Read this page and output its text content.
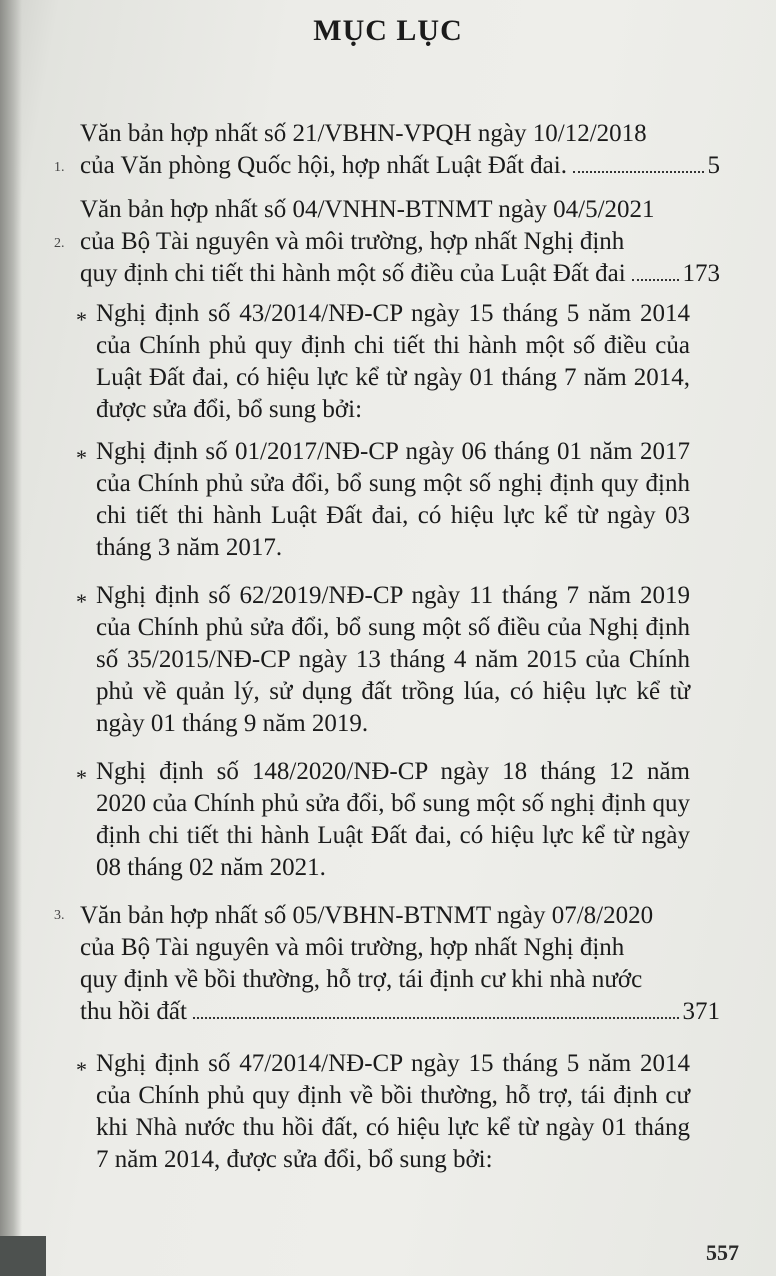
MỤC LỤC
1.
Văn bản hợp nhất số 21/VBHN-VPQH ngày 10/12/2018
của Văn phòng Quốc hội, hợp nhất Luật Đất đai.	5
2.
Văn bản hợp nhất số 04/VNHN-BTNMT ngày 04/5/2021
của Bộ Tài nguyên và môi trường, hợp nhất Nghị định
quy định chi tiết thi hành một số điều của Luật Đất đai 173
* Nghị định số 43/2014/NĐ-CP ngày 15 tháng 5 năm 2014 của Chính phủ quy định chi tiết thi hành một số điều của Luật Đất đai, có hiệu lực kể từ ngày 01 tháng 7 năm 2014, được sửa đổi, bổ sung bởi:
* Nghị định số 01/2017/NĐ-CP ngày 06 tháng 01 năm 2017 của Chính phủ sửa đổi, bổ sung một số nghị định quy định chi tiết thi hành Luật Đất đai, có hiệu lực kể từ ngày 03 tháng 3 năm 2017.
* Nghị định số 62/2019/NĐ-CP ngày 11 tháng 7 năm 2019 của Chính phủ sửa đổi, bổ sung một số điều của Nghị định số 35/2015/NĐ-CP ngày 13 tháng 4 năm 2015 của Chính phủ về quản lý, sử dụng đất trồng lúa, có hiệu lực kể từ ngày 01 tháng 9 năm 2019.
* Nghị định số 148/2020/NĐ-CP ngày 18 tháng 12 năm 2020 của Chính phủ sửa đổi, bổ sung một số nghị định quy định chi tiết thi hành Luật Đất đai, có hiệu lực kể từ ngày 08 tháng 02 năm 2021.
3. Văn bản hợp nhất số 05/VBHN-BTNMT ngày 07/8/2020
của Bộ Tài nguyên và môi trường, hợp nhất Nghị định
quy định về bồi thường, hỗ trợ, tái định cư khi nhà nước
thu hồi đất	371
* Nghị định số 47/2014/NĐ-CP ngày 15 tháng 5 năm 2014 của Chính phủ quy định về bồi thường, hỗ trợ, tái định cư khi Nhà nước thu hồi đất, có hiệu lực kể từ ngày 01 tháng 7 năm 2014, được sửa đổi, bổ sung bởi:
557
